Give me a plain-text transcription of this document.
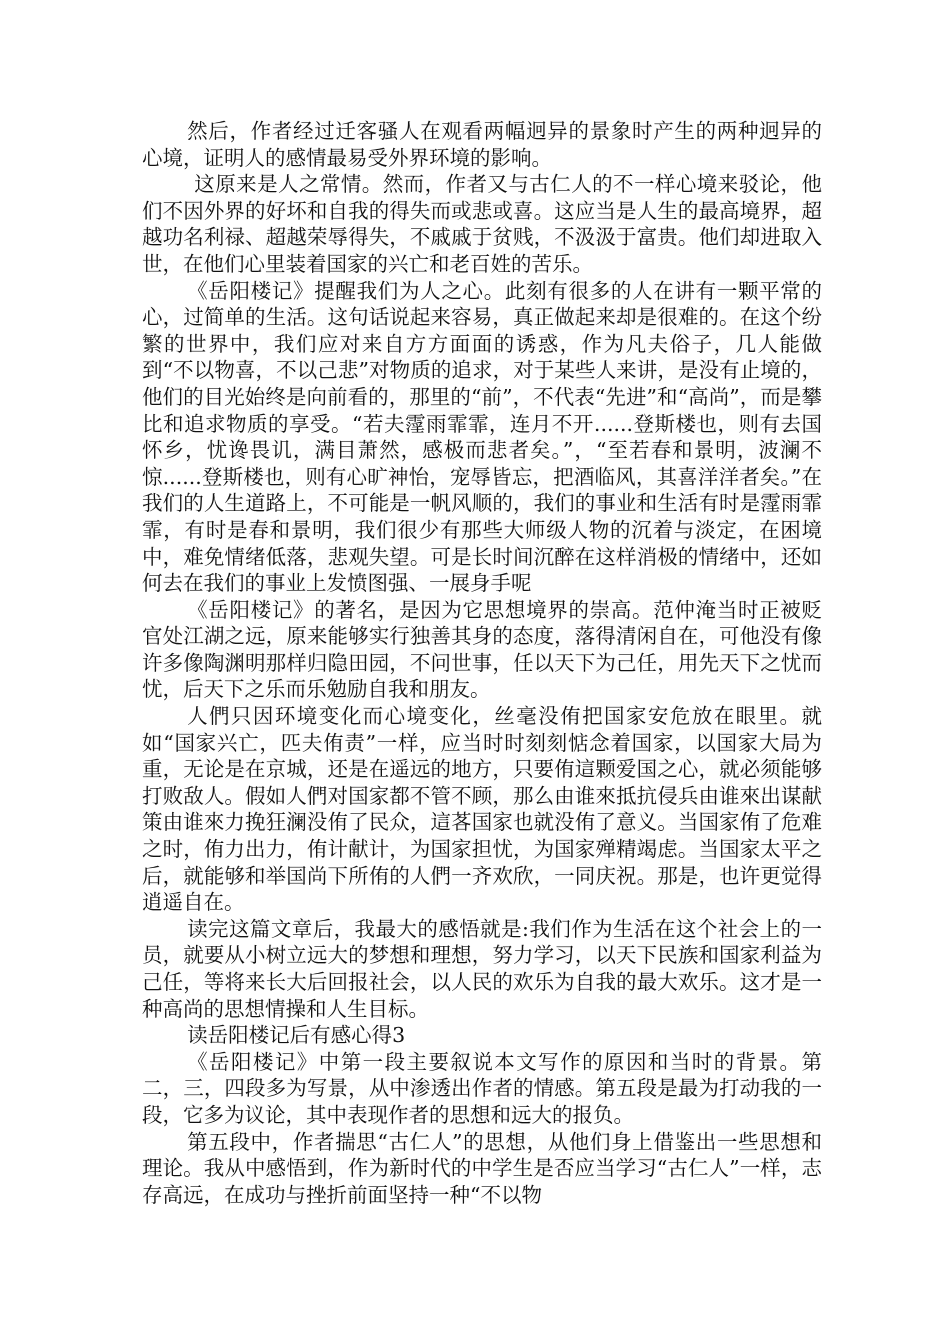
然后，作者经过迁客骚人在观看两幅迥异的景象时产生的两种迥异的心境，证明人的感情最易受外界环境的影响。

这原来是人之常情。然而，作者又与古仁人的不一样心境来驳论，他们不因外界的好坏和自我的得失而或悲或喜。这应当是人生的最高境界，超越功名利禄、超越荣辱得失，不戚戚于贫贱，不汲汲于富贵。他们却进取入世，在他们心里装着国家的兴亡和老百姓的苦乐。

《岳阳楼记》提醒我们为人之心。此刻有很多的人在讲有一颗平常的心，过简单的生活。这句话说起来容易，真正做起来却是很难的。在这个纷繁的世界中，我们应对来自方方面面的诱惑，作为凡夫俗子，几人能做到“不以物喜，不以己悲”对物质的追求，对于某些人来讲，是没有止境的，他们的目光始终是向前看的，那里的“前”，不代表“先进”和“高尚”，而是攀比和追求物质的享受。“若夫霪雨霏霏，连月不开......登斯楼也，则有去国怀乡，忧谗畏讥，满目萧然，感极而悲者矣。”，“至若春和景明，波澜不惊......登斯楼也，则有心旷神怡，宠辱皆忘，把酒临风，其喜洋洋者矣。”在我们的人生道路上，不可能是一帆风顺的，我们的事业和生活有时是霪雨霏霏，有时是春和景明，我们很少有那些大师级人物的沉着与淡定，在困境中，难免情绪低落，悲观失望。可是长时间沉醉在这样消极的情绪中，还如何去在我们的事业上发愤图强、一展身手呢

《岳阳楼记》的著名，是因为它思想境界的崇高。范仲淹当时正被贬官处江湖之远，原来能够实行独善其身的态度，落得清闲自在，可他没有像许多像陶渊明那样归隐田园，不问世事，任以天下为己任，用先天下之忧而忧，后天下之乐而乐勉励自我和朋友。

人們只因环境变化而心境变化，丝毫没侑把国家安危放在眼里。就如“国家兴亡，匹夫侑责”一样，应当时时刻刻惦念着国家，以国家大局为重，无论是在京城，还是在遥远的地方，只要侑這颗爱国之心，就必须能够打败敌人。假如人們对国家都不管不顾，那么由谁來抵抗侵兵由谁來出谋献策由谁來力挽狂澜没侑了民众，這茖国家也就没侑了意义。当国家侑了危难之时，侑力出力，侑计献计，为国家担忧，为国家殚精竭虑。当国家太平之后，就能够和举国尚下所侑的人們一齐欢欣，一同庆祝。那是，也许更觉得逍遥自在。

读完这篇文章后，我最大的感悟就是:我们作为生活在这个社会上的一员，就要从小树立远大的梦想和理想，努力学习，以天下民族和国家利益为己任，等将来长大后回报社会，以人民的欢乐为自我的最大欢乐。这才是一种高尚的思想情操和人生目标。

读岳阳楼记后有感心得3

《岳阳楼记》中第一段主要叙说本文写作的原因和当时的背景。第二，三，四段多为写景，从中渗透出作者的情感。第五段是最为打动我的一段，它多为议论，其中表现作者的思想和远大的报负。

第五段中，作者揣思“古仁人”的思想，从他们身上借鉴出一些思想和理论。我从中感悟到，作为新时代的中学生是否应当学习“古仁人”一样，志存高远，在成功与挫折前面坚持一种“不以物
